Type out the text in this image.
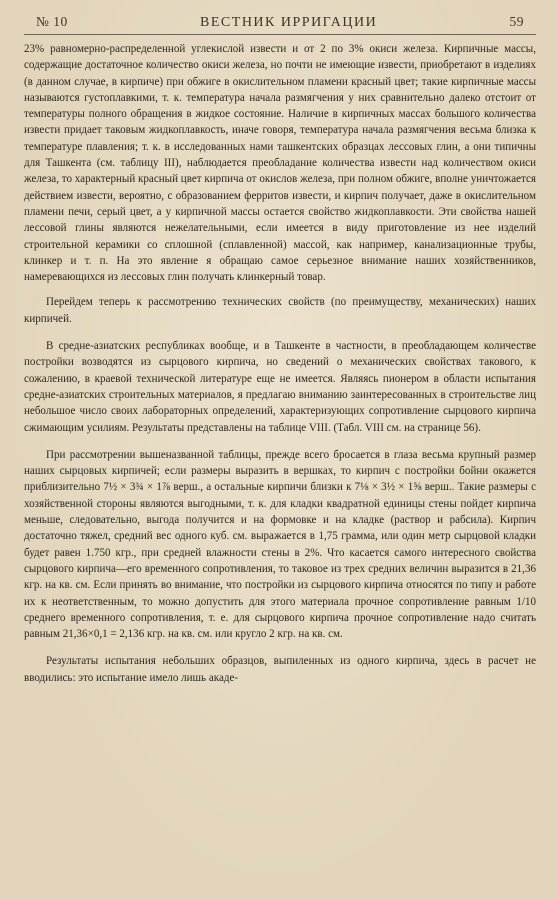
№ 10	ВЕСТНИК ИРРИГАЦИИ	59

23% равномерно-распределенной углекислой извести и от 2 по 3% окиси железа. Кирпичные массы, содержащие достаточное количество окиси железа, но почти не имеющие извести, приобретают в изделиях (в данном случае, в кирпиче) при обжиге в окислительном пламени красный цвет; такие кирпичные массы называются густоплавкими, т. к. температура начала размягчения у них сравнительно далеко отстоит от температуры полного обращения в жидкое состояние. Наличие в кирпичных массах большого количества извести придает таковым жидкоплавкость, иначе говоря, температура начала размягчения весьма близка к температуре плавления; т. к. в исследованных нами ташкентских образцах лессовых глин, а они типичны для Ташкента (см. таблицу III), наблюдается преобладание количества извести над количеством окиси железа, то характерный красный цвет кирпича от окислов железа, при полном обжиге, вполне уничтожается действием извести, вероятно, с образованием ферритов извести, и кирпич получает, даже в окислительном пламени печи, серый цвет, а у кирпичной массы остается свойство жидкоплавкости. Эти свойства нашей лессовой глины являются нежелательными, если имеется в виду приготовление из нее изделий строительной керамики со сплошной (сплавленной) массой, как например, канализационные трубы, клинкер и т. п. На это явление я обращаю самое серьезное внимание наших хозяйственников, намеревающихся из лессовых глин получать клинкерный товар.

Перейдем теперь к рассмотрению технических свойств (по преимуществу, механических) наших кирпичей.

В средне-азиатских республиках вообще, и в Ташкенте в частности, в преобладающем количестве постройки возводятся из сырцового кирпича, но сведений о механических свойствах такового, к сожалению, в краевой технической литературе еще не имеется. Являясь пионером в области испытания средне-азиатских строительных материалов, я предлагаю вниманию заинтересованных в строительстве лиц небольшое число своих лабораторных определений, характеризующих сопротивление сырцового кирпича сжимающим усилиям. Результаты представлены на таблице VIII. (Табл. VIII см. на странице 56).

При рассмотрении вышеназванной таблицы, прежде всего бросается в глаза весьма крупный размер наших сырцовых кирпичей; если размеры выразить в вершках, то кирпич с постройки бойни окажется приблизительно 7½ × 3¾ × 1⅞ верш., а остальные кирпичи близки к 7⅛ × 3½ × 1⅝ верш.. Такие размеры с хозяйственной стороны являются выгодными, т. к. для кладки квадратной единицы стены пойдет кирпича меньше, следовательно, выгода получится и на формовке и на кладке (раствор и рабсила). Кирпич достаточно тяжел, средний вес одного куб. см. выражается в 1,75 грамма, или один метр сырцовой кладки будет равен 1.750 кгр., при средней влажности стены в 2%. Что касается самого интересного свойства сырцового кирпича—его временного сопротивления, то таковое из трех средних величин выразится в 21,36 кгр. на кв. см. Если принять во внимание, что постройки из сырцового кирпича относятся по типу и работе их к неответственным, то можно допустить для этого материала прочное сопротивление равным 1/10 среднего временного сопротивления, т. е. для сырцового кирпича прочное сопротивление надо считать равным 21,36×0,1 = 2,136 кгр. на кв. см. или кругло 2 кгр. на кв. см.

Результаты испытания небольших образцов, выпиленных из одного кирпича, здесь в расчет не вводились: это испытание имело лишь акаде-
